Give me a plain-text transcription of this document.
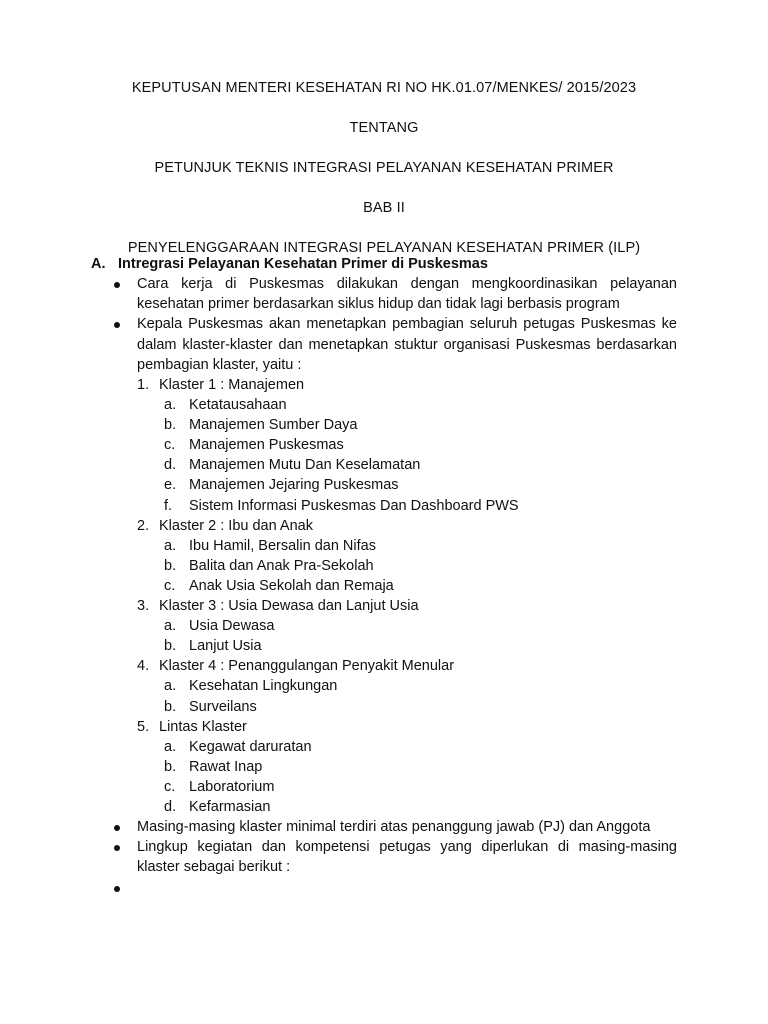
KEPUTUSAN MENTERI KESEHATAN RI NO HK.01.07/MENKES/ 2015/2023
TENTANG
PETUNJUK TEKNIS INTEGRASI PELAYANAN KESEHATAN PRIMER
BAB II
PENYELENGGARAAN INTEGRASI PELAYANAN KESEHATAN PRIMER (ILP)
A. Intregrasi Pelayanan Kesehatan Primer di Puskesmas
Cara kerja di Puskesmas dilakukan dengan mengkoordinasikan pelayanan kesehatan primer berdasarkan siklus hidup dan tidak lagi berbasis program
Kepala Puskesmas akan menetapkan pembagian seluruh petugas Puskesmas ke dalam klaster-klaster dan menetapkan stuktur organisasi Puskesmas berdasarkan pembagian klaster, yaitu :
1. Klaster 1 : Manajemen
a. Ketatausahaan
b. Manajemen Sumber Daya
c. Manajemen Puskesmas
d. Manajemen Mutu Dan Keselamatan
e. Manajemen Jejaring Puskesmas
f. Sistem Informasi Puskesmas Dan Dashboard PWS
2. Klaster 2 : Ibu dan Anak
a. Ibu Hamil, Bersalin dan Nifas
b. Balita dan Anak Pra-Sekolah
c. Anak Usia Sekolah dan Remaja
3. Klaster 3 : Usia Dewasa dan Lanjut Usia
a. Usia Dewasa
b. Lanjut Usia
4. Klaster 4 : Penanggulangan Penyakit Menular
a. Kesehatan Lingkungan
b. Surveilans
5. Lintas Klaster
a. Kegawat daruratan
b. Rawat Inap
c. Laboratorium
d. Kefarmasian
Masing-masing klaster minimal terdiri atas penanggung jawab (PJ) dan Anggota
Lingkup kegiatan dan kompetensi petugas yang diperlukan di masing-masing klaster sebagai berikut :
